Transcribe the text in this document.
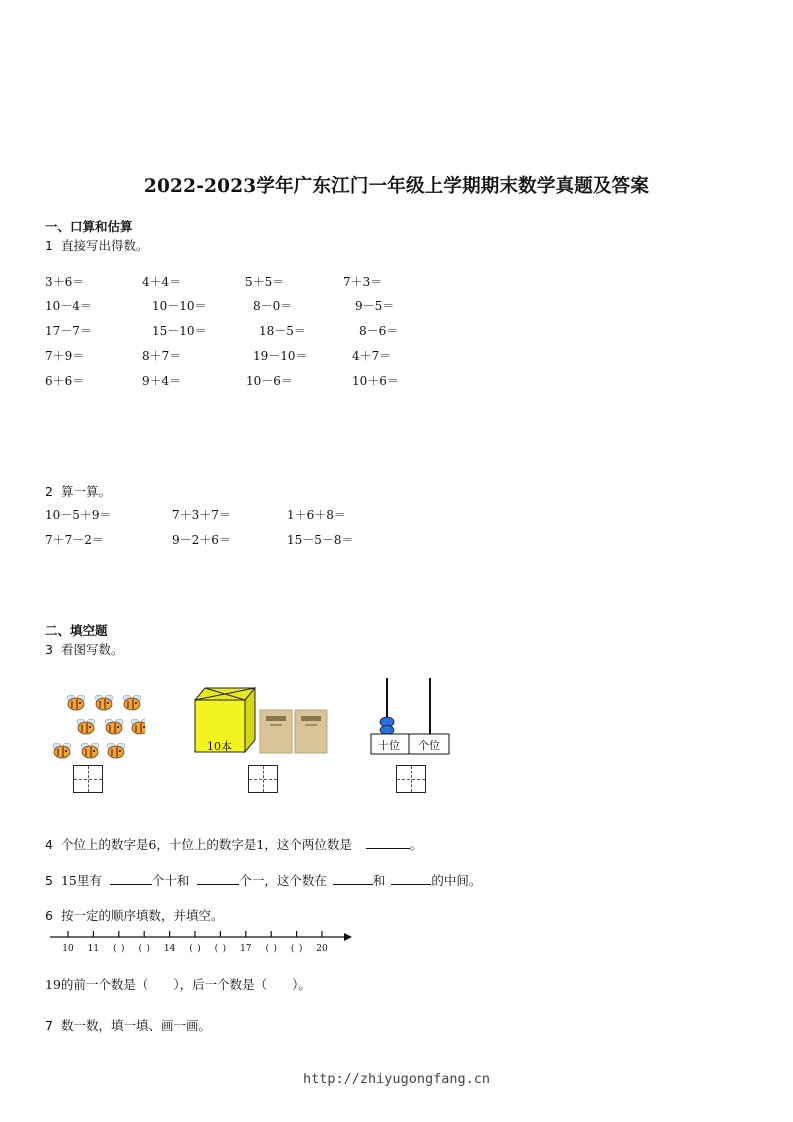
2022-2023学年广东江门一年级上学期期末数学真题及答案
一、口算和估算
1 直接写出得数。
3＋6＝	4＋4＝	5＋5＝	7＋3＝
10－4＝	10－10＝	8－0＝	9－5＝
17－7＝	15－10＝	18－5＝	8－6＝
7＋9＝	8＋7＝	19－10＝	4＋7＝
6＋6＝	9＋4＝	10－6＝	10＋6＝
2 算一算。
10－5＋9＝	7＋3＋7＝	1＋6＋8＝
7＋7－2＝	9－2＋6＝	15－5－8＝
二、填空题
3 看图写数。
10本	十位 个位
4 个位上的数字是6，十位上的数字是1，这个两位数是	。
5 15里有	个十和	个一，这个数在	和	的中间。
6 按一定的顺序填数，并填空。
10 11 ( ) ( ) 14 ( ) ( ) 17 ( ) ( ) 20
19的前一个数是（　　），后一个数是（　　）。
7 数一数，填一填、画一画。
http://zhiyugongfang.cn
